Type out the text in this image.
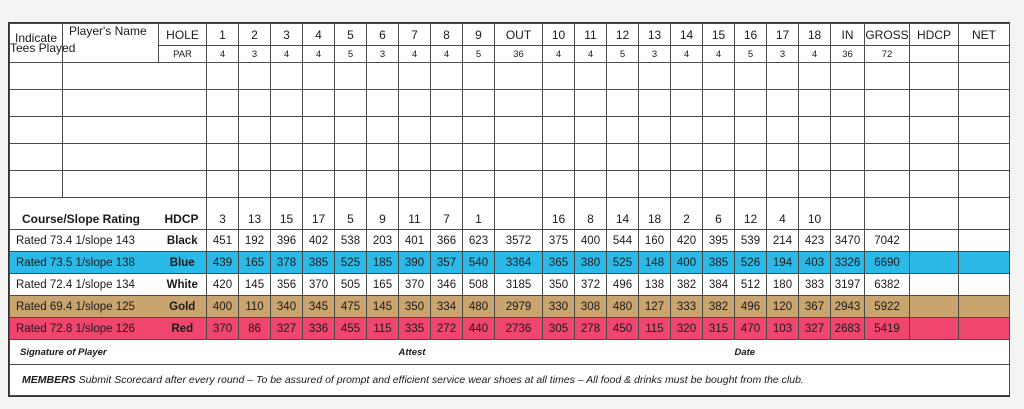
Indicate
Tees Played	Player's Name	HOLE	1	2	3	4	5	6	7	8	9	OUT	10	11	12	13	14	15	16	17	18	IN	GROSS	HDCP	NET
		PAR	4	3	4	4	5	3	4	4	5	36	4	4	5	3	4	4	5	3	4	36	72		

Course/Slope Rating		HDCP	3	13	15	17	5	9	11	7	1		16	8	14	18	2	6	12	4	10				
Rated 73.4 1/slope 143		Black	451	192	396	402	538	203	401	366	623	3572	375	400	544	160	420	395	539	214	423	3470	7042		
Rated 73.5 1/slope 138		Blue	439	165	378	385	525	185	390	357	540	3364	365	380	525	148	400	385	526	194	403	3326	6690		
Rated 72.4 1/slope 134		White	420	145	356	370	505	165	370	346	508	3185	350	372	496	138	382	384	512	180	383	3197	6382		
Rated 69.4 1/slope 125		Gold	400	110	340	345	475	145	350	334	480	2979	330	308	480	127	333	382	496	120	367	2943	5922		
Rated 72.8 1/slope 126		Red	370	86	327	336	455	115	335	272	440	2736	305	278	450	115	320	315	470	103	327	2683	5419		
Signature of Player									Attest										Date						
MEMBERS Submit Scorecard after every round – To be assured of prompt and efficient service wear shoes at all times – All food & drinks must be bought from the club.																									
